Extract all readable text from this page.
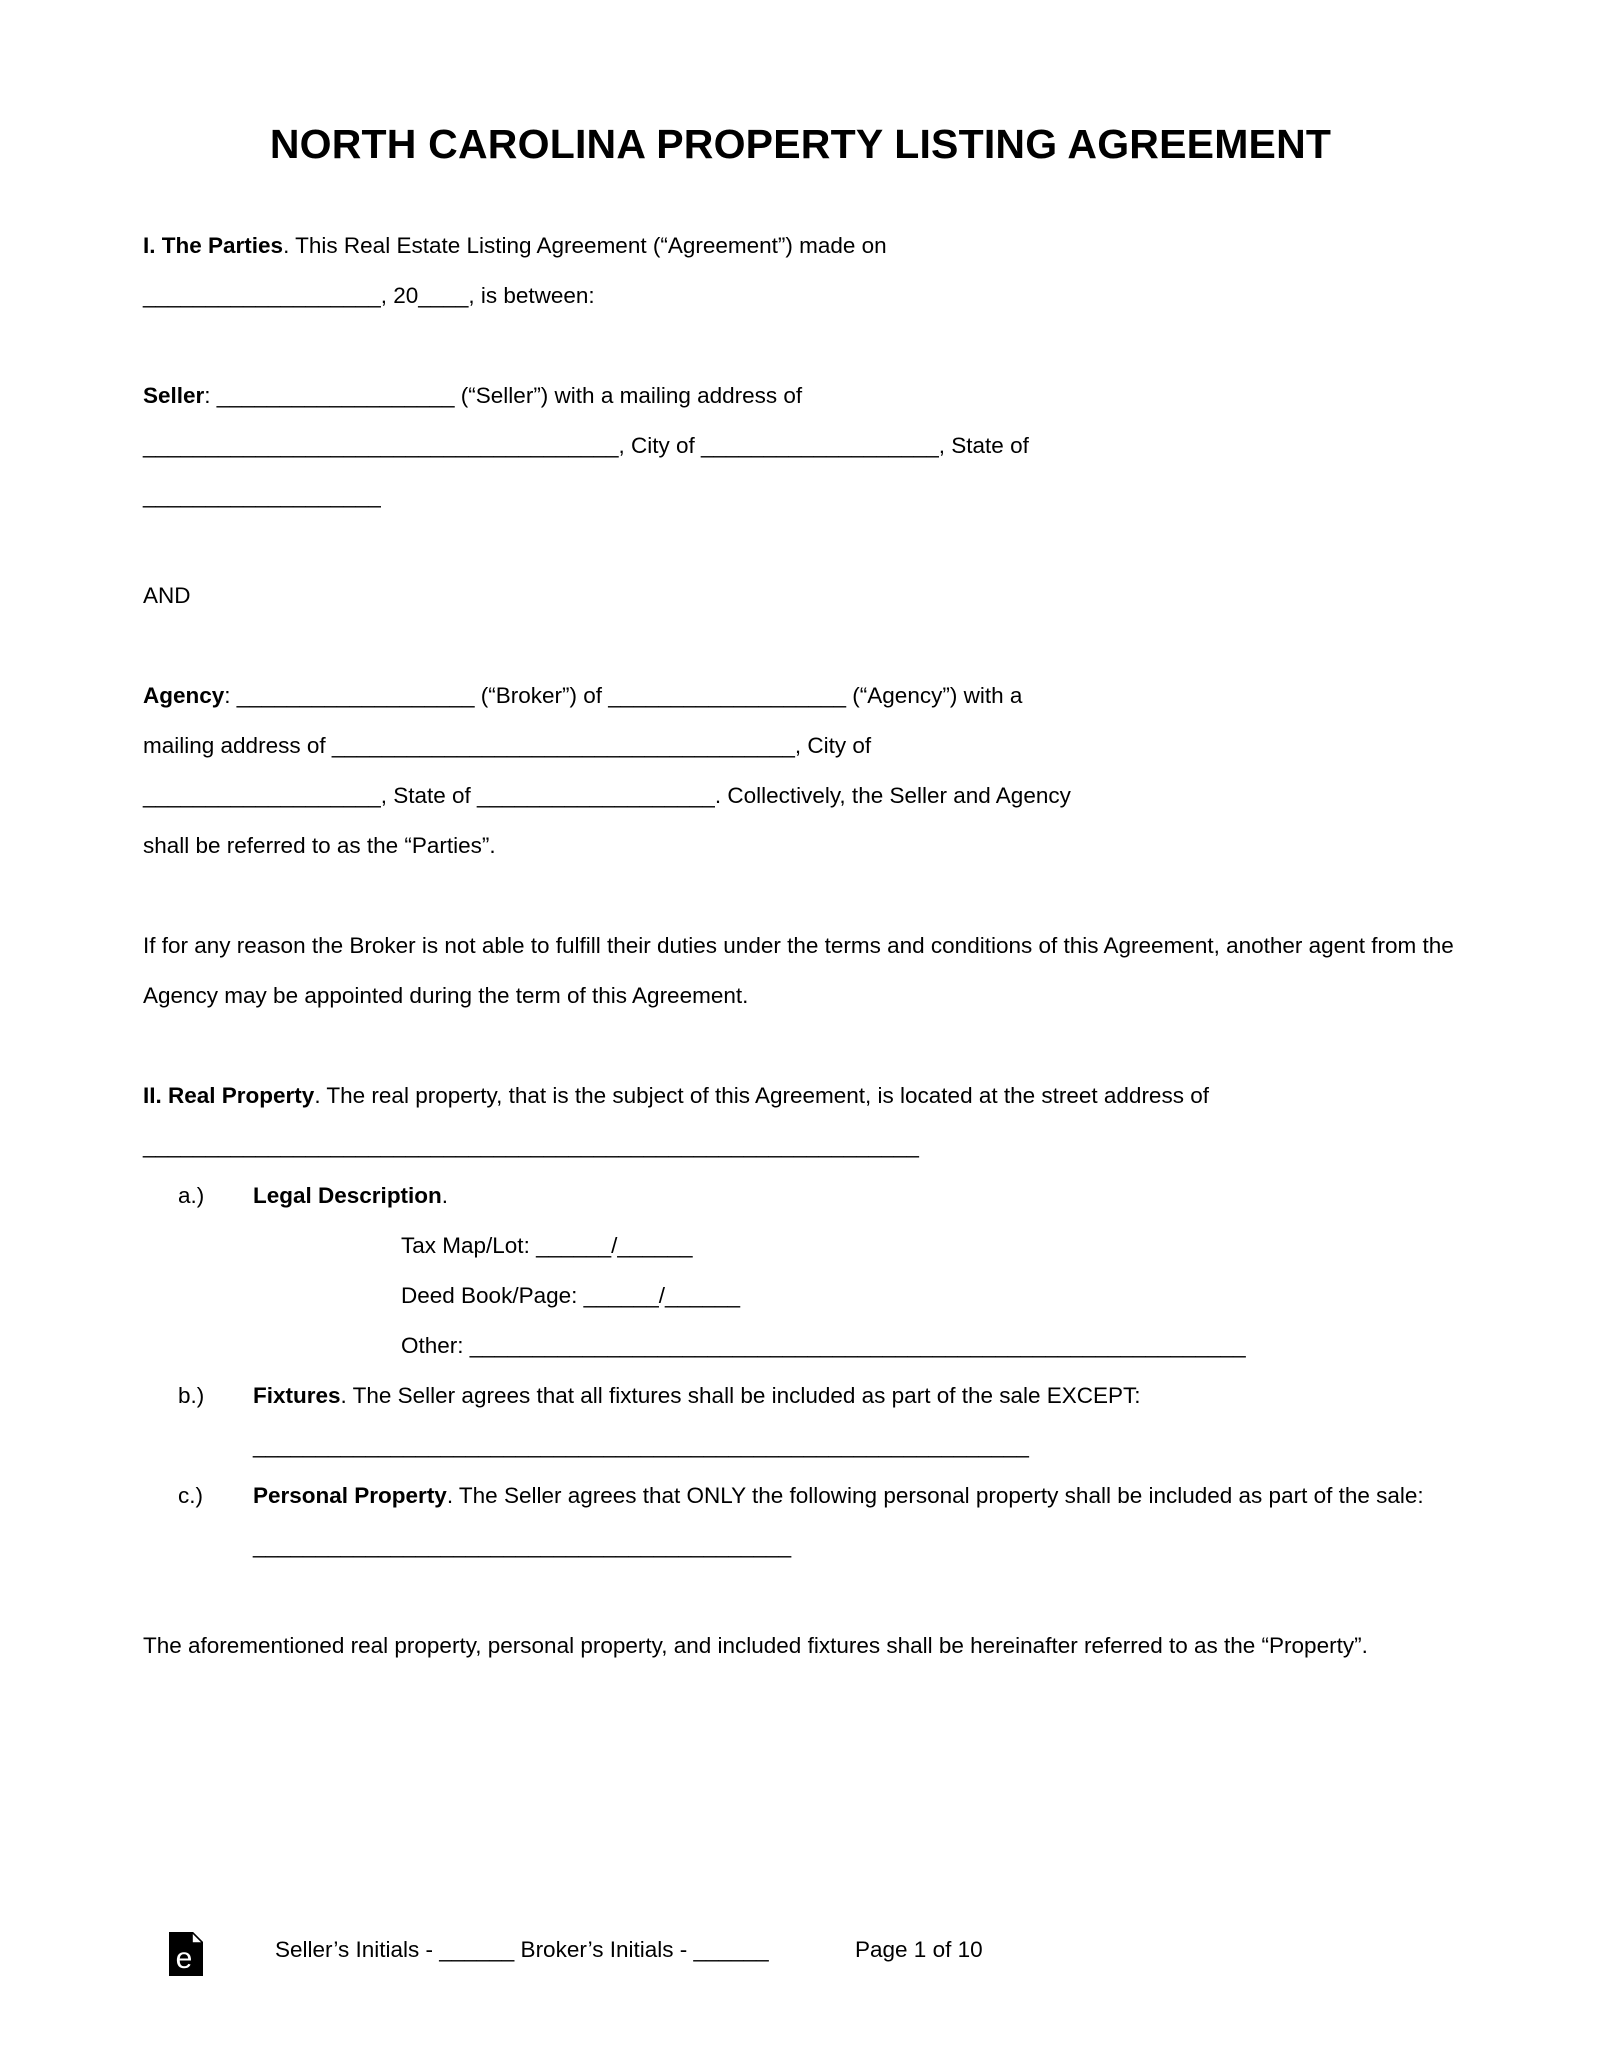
NORTH CAROLINA PROPERTY LISTING AGREEMENT

I. The Parties. This Real Estate Listing Agreement (“Agreement”) made on

___________________, 20____, is between:

Seller: ___________________ (“Seller”) with a mailing address of

______________________________________, City of ___________________, State of

___________________

AND

Agency: ___________________ (“Broker”) of ___________________ (“Agency”) with a

mailing address of _____________________________________, City of

___________________, State of ___________________. Collectively, the Seller and Agency

shall be referred to as the “Parties”.

If for any reason the Broker is not able to fulfill their duties under the terms and conditions of this Agreement, another agent from the Agency may be appointed during the term of this Agreement.

II. Real Property. The real property, that is the subject of this Agreement, is located at the street address of ______________________________________________________________

a.)	Legal Description.
Tax Map/Lot: ______/______
Deed Book/Page: ______/______
Other: ______________________________________________________________
b.)	Fixtures. The Seller agrees that all fixtures shall be included as part of the sale EXCEPT: ______________________________________________________________
c.)	Personal Property. The Seller agrees that ONLY the following personal property shall be included as part of the sale: ___________________________________________

The aforementioned real property, personal property, and included fixtures shall be hereinafter referred to as the “Property”.

e	Seller’s Initials - ______ Broker’s Initials - ______	Page 1 of 10
